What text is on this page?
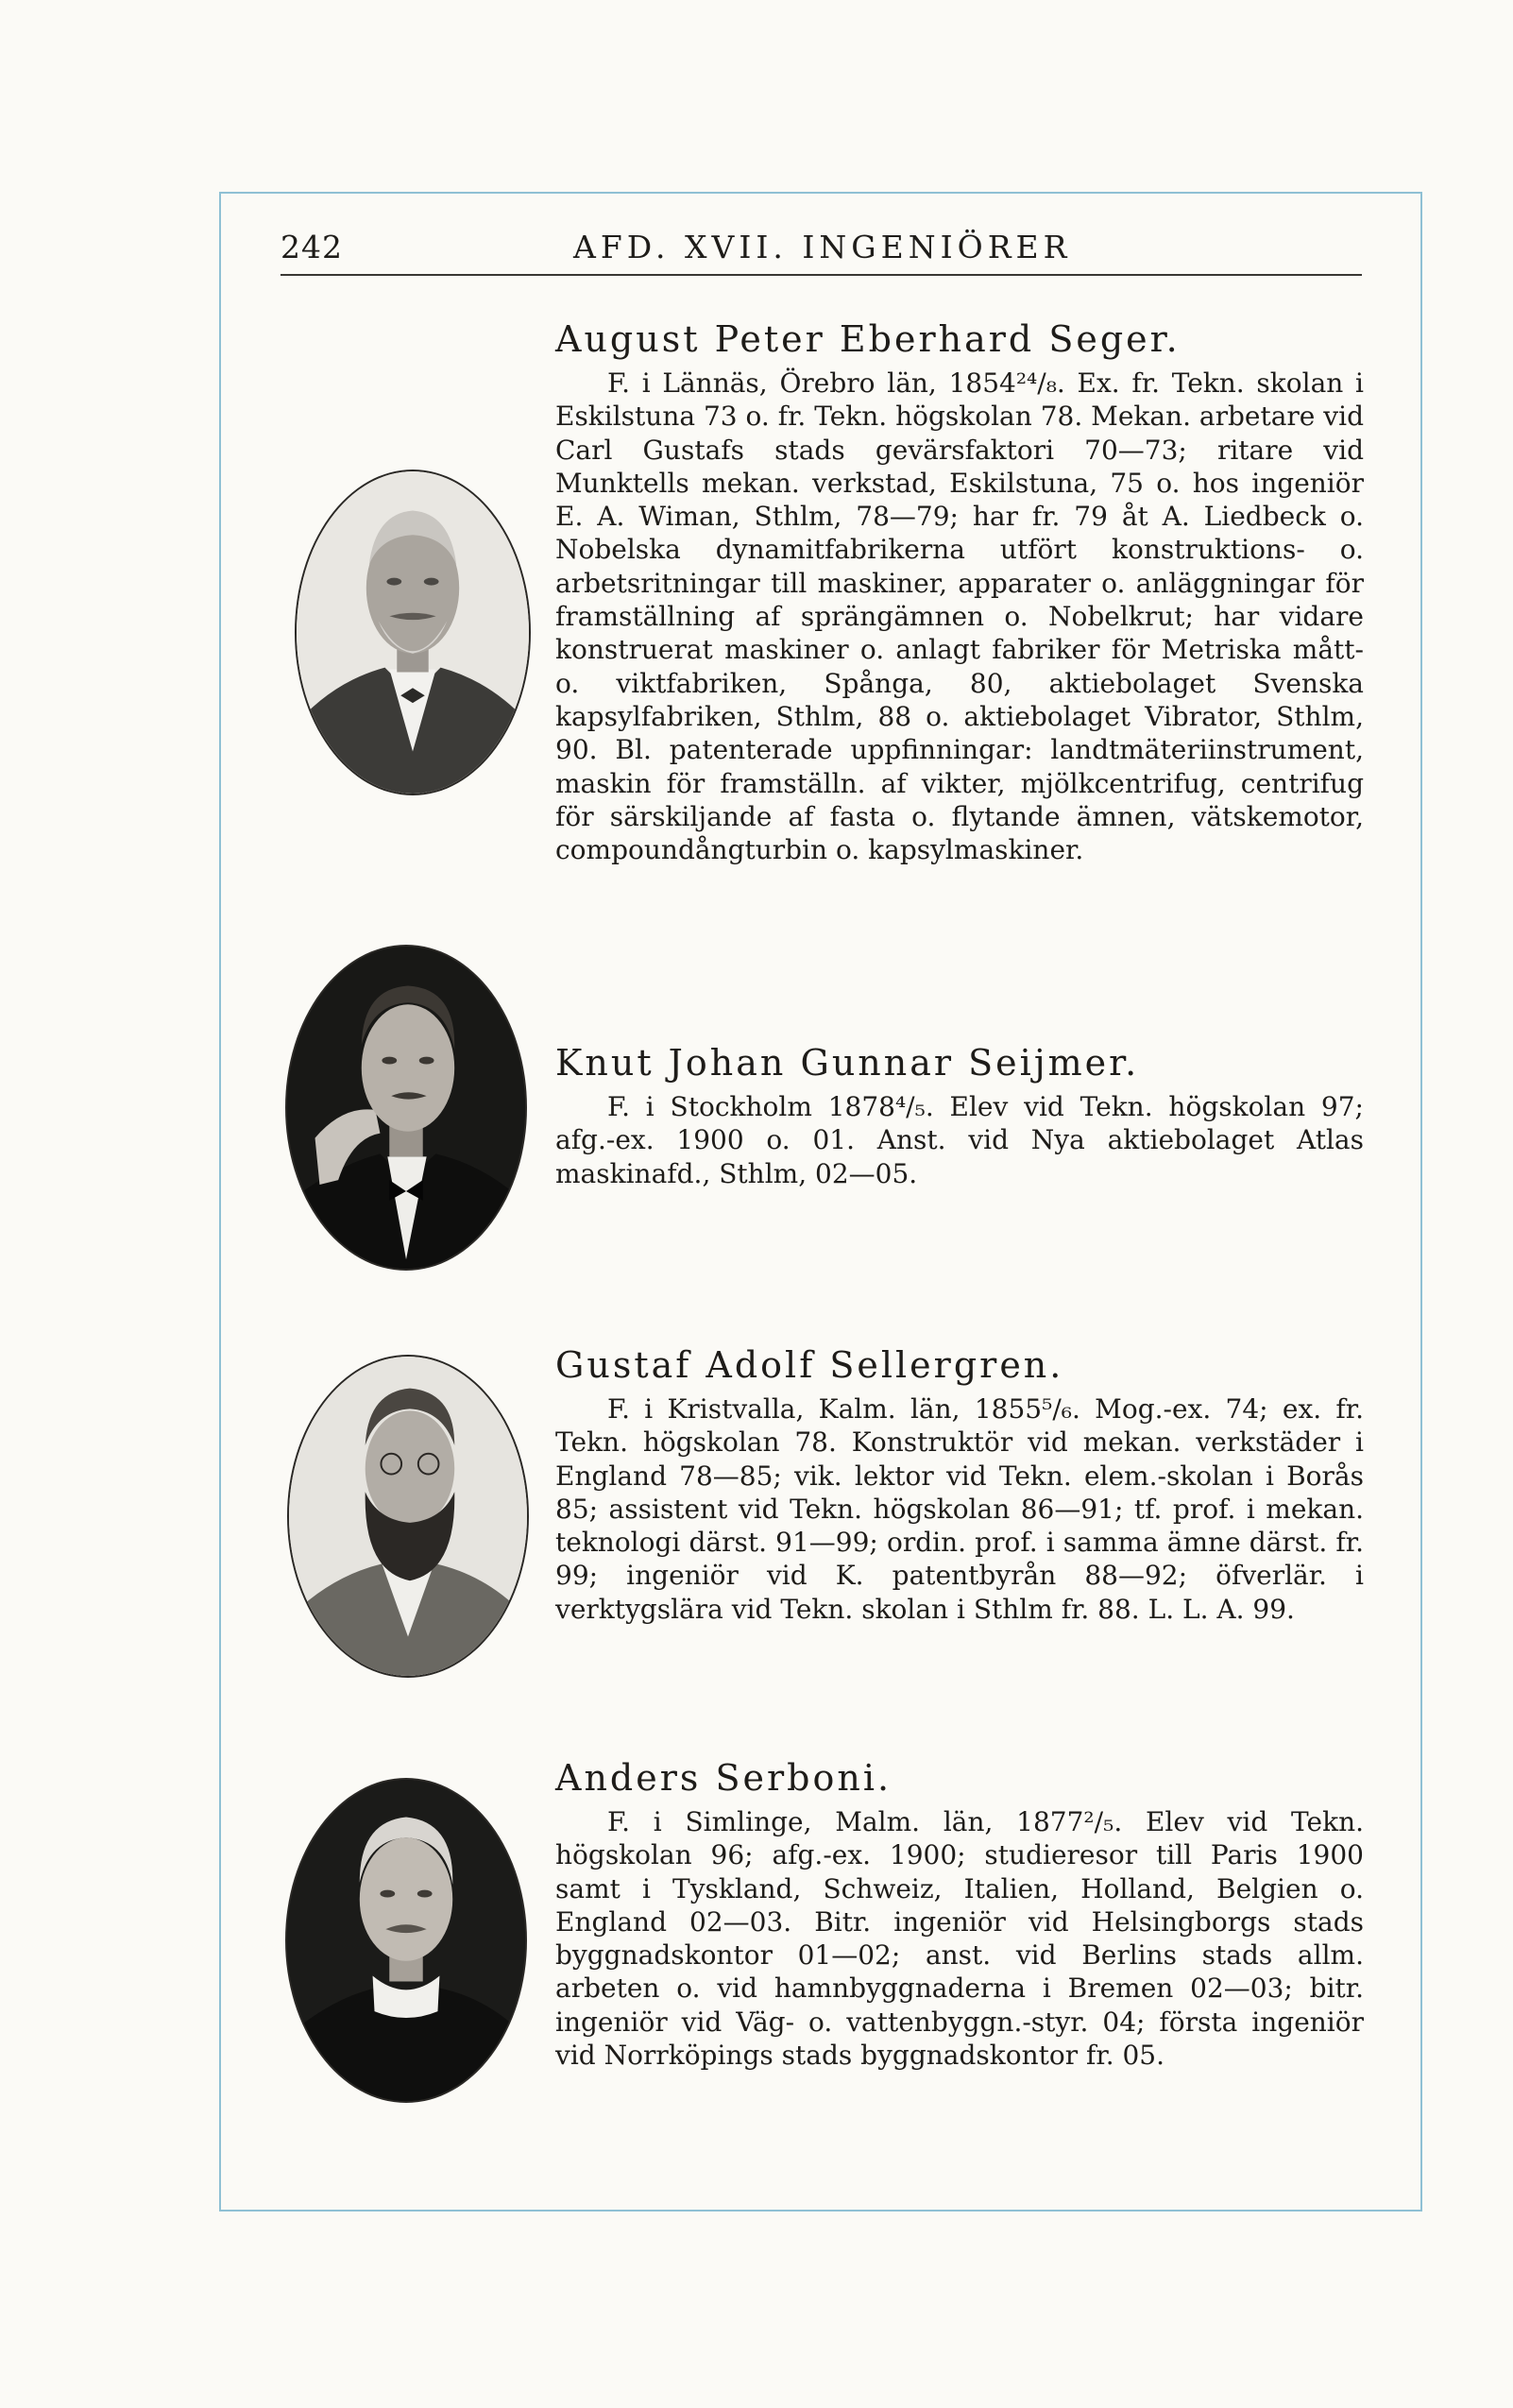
242	AFD. XVII. INGENIÖRER
August Peter Eberhard Seger.

F. i Lännäs, Örebro län, 1854²⁴/₈. Ex. fr. Tekn. skolan i Eskilstuna 73 o. fr. Tekn. högskolan 78. Mekan. arbetare vid Carl Gustafs stads gevärsfaktori 70—73; ritare vid Munktells mekan. verkstad, Eskilstuna, 75 o. hos ingeniör E. A. Wiman, Sthlm, 78—79; har fr. 79 åt A. Liedbeck o. Nobelska dynamitfabrikerna utfört konstruktions- o. arbetsritningar till maskiner, apparater o. anläggningar för framställning af sprängämnen o. Nobelkrut; har vidare konstruerat maskiner o. anlagt fabriker för Metriska mått- o. viktfabriken, Spånga, 80, aktiebolaget Svenska kapsylfabriken, Sthlm, 88 o. aktiebolaget Vibrator, Sthlm, 90. Bl. patenterade uppfinningar: landtmäteriinstrument, maskin för framställn. af vikter, mjölkcentrifug, centrifug för särskiljande af fasta o. flytande ämnen, vätskemotor, compoundångturbin o. kapsylmaskiner.

Knut Johan Gunnar Seijmer.

F. i Stockholm 1878⁴/₅. Elev vid Tekn. högskolan 97; afg.-ex. 1900 o. 01. Anst. vid Nya aktiebolaget Atlas maskinafd., Sthlm, 02—05.

Gustaf Adolf Sellergren.

F. i Kristvalla, Kalm. län, 1855⁵/₆. Mog.-ex. 74; ex. fr. Tekn. högskolan 78. Konstruktör vid mekan. verkstäder i England 78—85; vik. lektor vid Tekn. elem.-skolan i Borås 85; assistent vid Tekn. högskolan 86—91; tf. prof. i mekan. teknologi därst. 91—99; ordin. prof. i samma ämne därst. fr. 99; ingeniör vid K. patentbyrån 88—92; öfverlär. i verktygslära vid Tekn. skolan i Sthlm fr. 88. L. L. A. 99.

Anders Serboni.

F. i Simlinge, Malm. län, 1877²/₅. Elev vid Tekn. högskolan 96; afg.-ex. 1900; studieresor till Paris 1900 samt i Tyskland, Schweiz, Italien, Holland, Belgien o. England 02—03. Bitr. ingeniör vid Helsingborgs stads byggnadskontor 01—02; anst. vid Berlins stads allm. arbeten o. vid hamnbyggnaderna i Bremen 02—03; bitr. ingeniör vid Väg- o. vattenbyggn.-styr. 04; första ingeniör vid Norrköpings stads byggnadskontor fr. 05.
